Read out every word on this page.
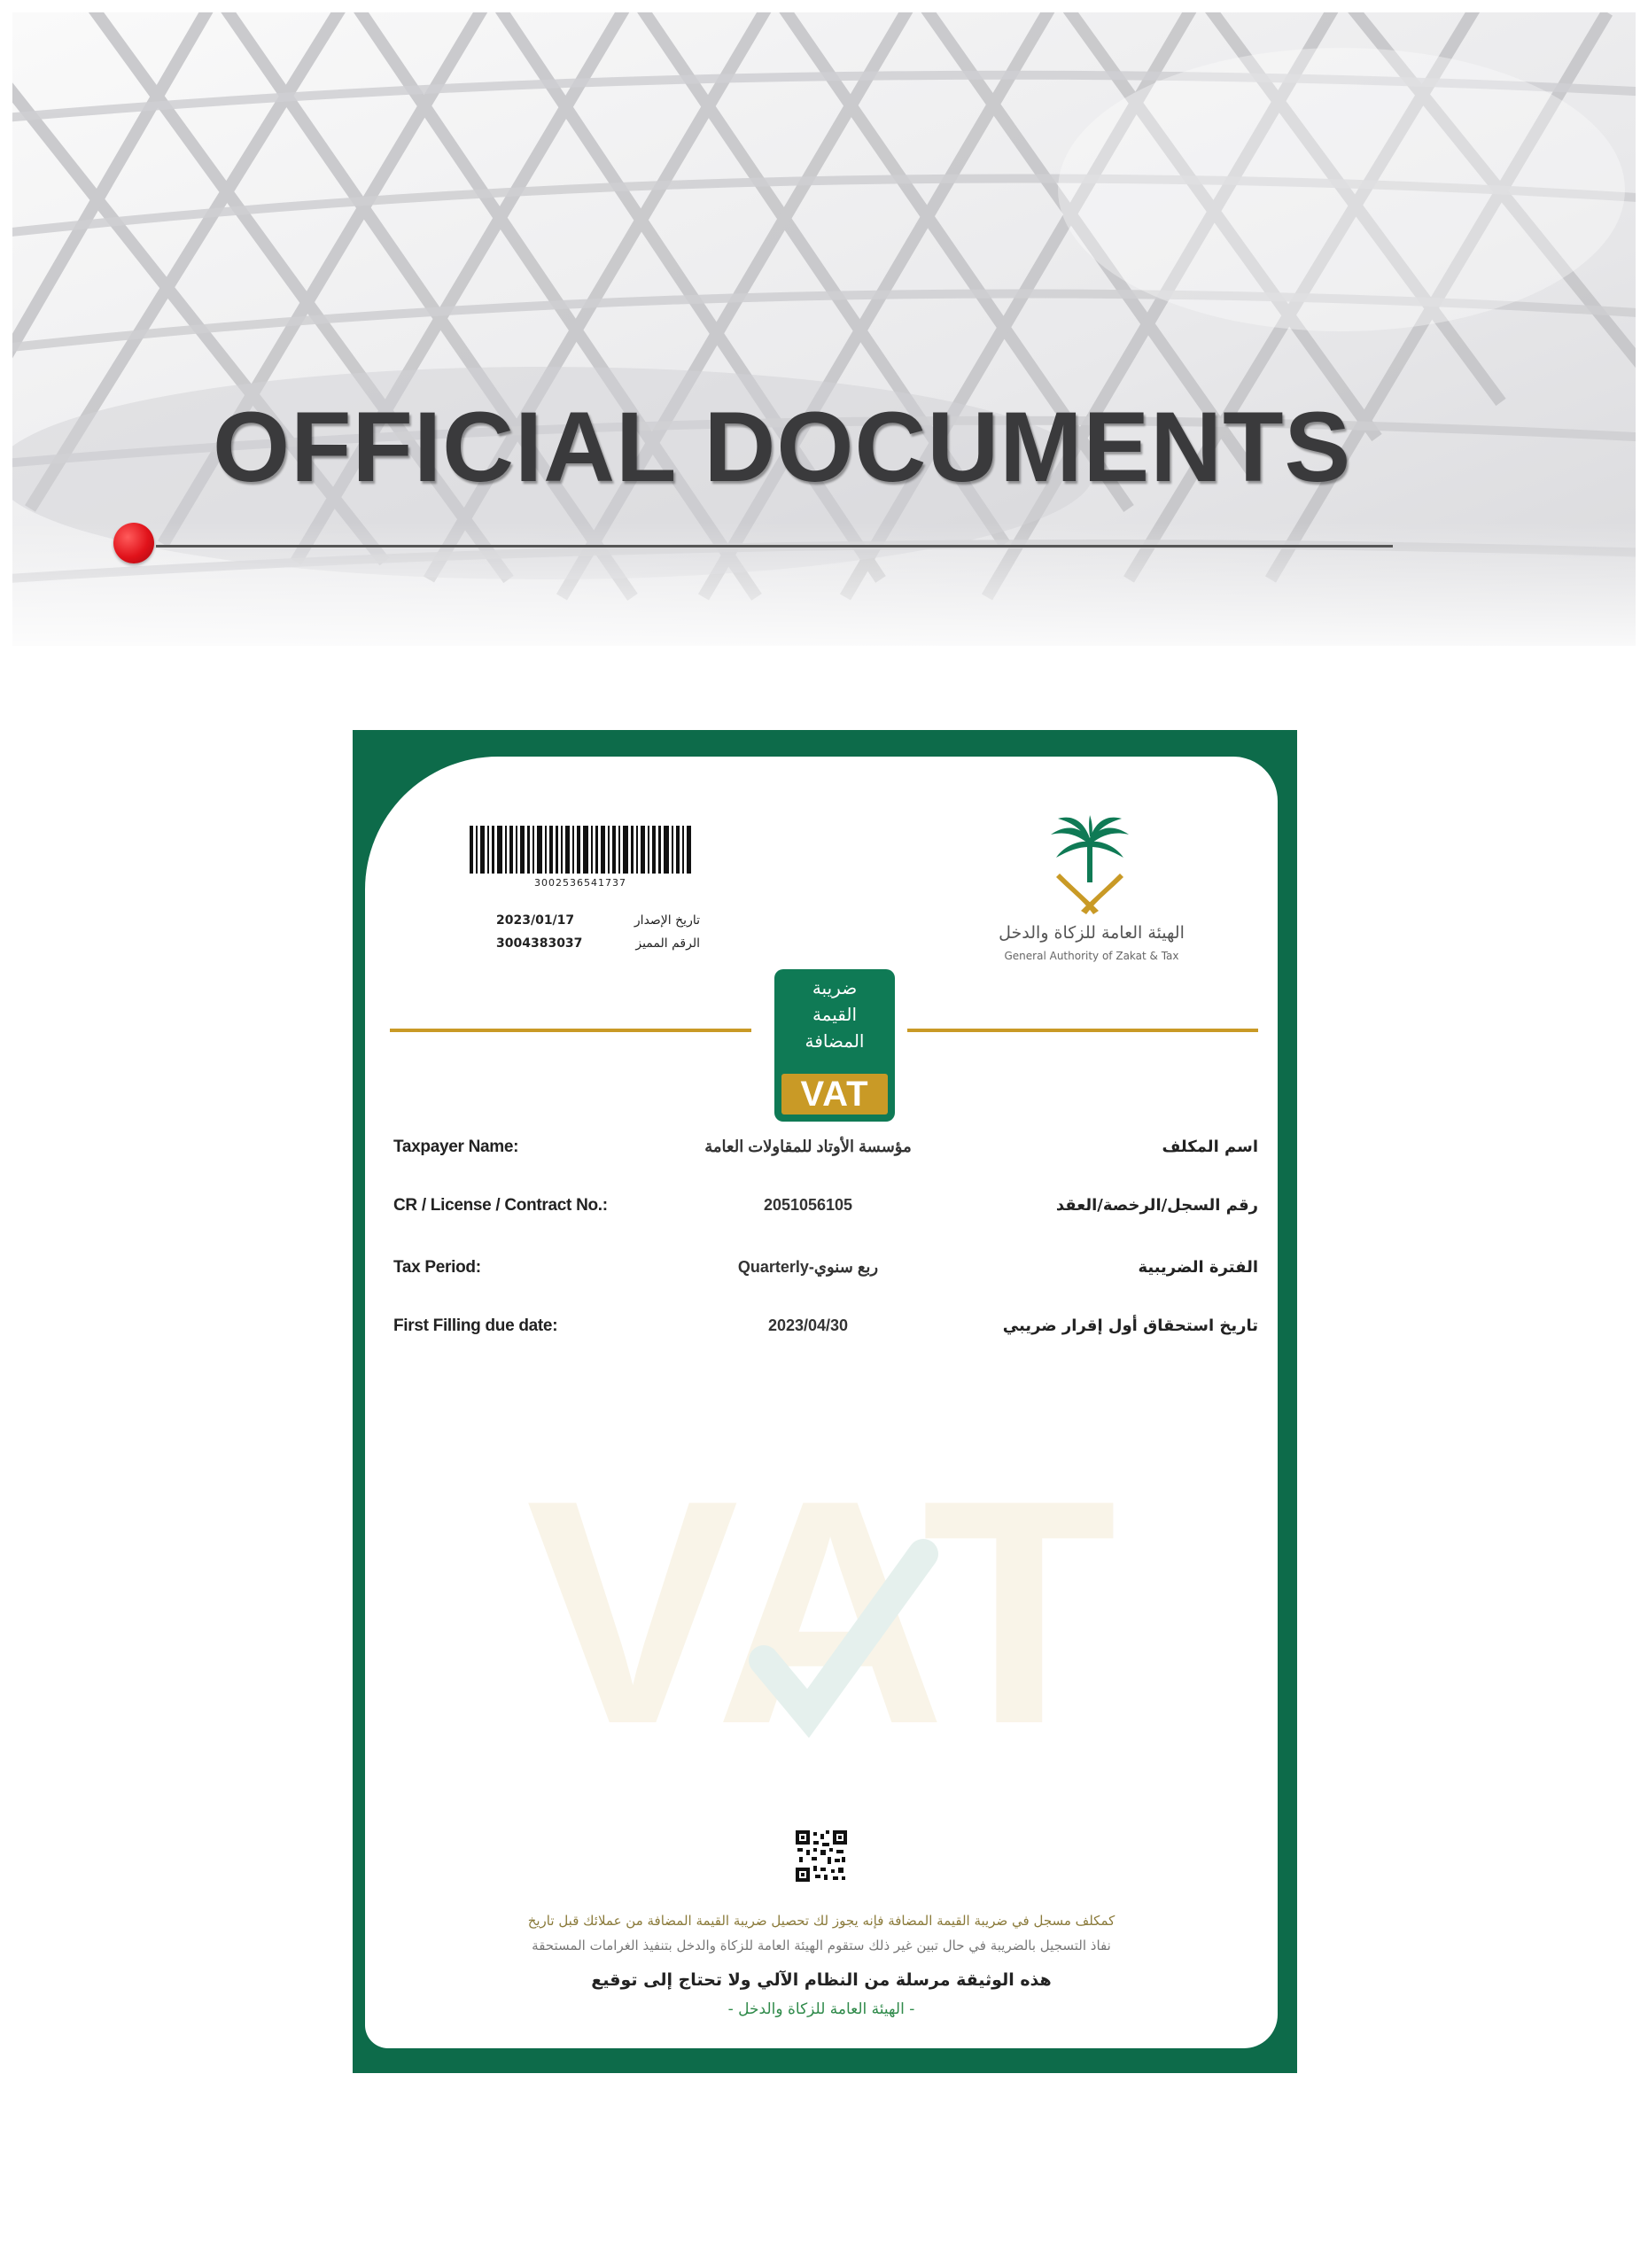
OFFICIAL DOCUMENTS
3002536541737
2023/01/17	تاريخ الإصدار
3004383037	الرقم المميز
الهيئة العامة للزكاة والدخل
General Authority of Zakat & Tax
ضريبة
القيمة
المضافة
VAT
Taxpayer Name:	مؤسسة الأوتاد للمقاولات العامة	اسم المكلف
CR / License / Contract No.:	2051056105	رقم السجل/الرخصة/العقد
Tax Period:	Quarterly-ربع سنوي	الفترة الضريبية
First Filling due date:	2023/04/30	تاريخ استحقاق أول إقرار ضريبي
VAT
كمكلف مسجل في ضريبة القيمة المضافة فإنه يجوز لك تحصيل ضريبة القيمة المضافة من عملائك قبل تاريخ
نفاذ التسجيل بالضريبة في حال تبين غير ذلك ستقوم الهيئة العامة للزكاة والدخل بتنفيذ الغرامات المستحقة
هذه الوثيقة مرسلة من النظام الآلي ولا تحتاج إلى توقيع
- الهيئة العامة للزكاة والدخل -
